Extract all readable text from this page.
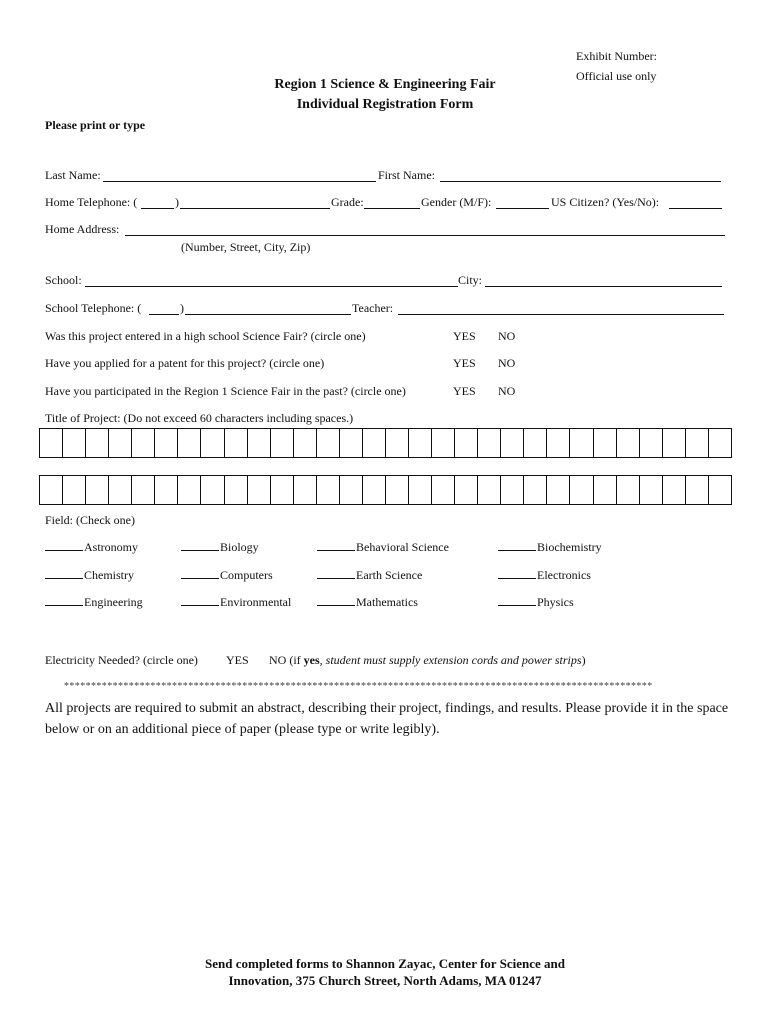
Exhibit Number:
Official use only
Region 1 Science & Engineering Fair
Individual Registration Form
Please print or type
Last Name:	First Name:
Home Telephone: (	)	Grade:	Gender (M/F):	US Citizen? (Yes/No):
Home Address:
(Number, Street, City, Zip)
School:	City:
School Telephone: (	)	Teacher:
Was this project entered in a high school Science Fair? (circle one)	YES NO
Have you applied for a patent for this project? (circle one)	YES NO
Have you participated in the Region 1 Science Fair in the past? (circle one)	YES NO
Title of Project: (Do not exceed 60 characters including spaces.)
Field: (Check one)
Astronomy	Biology	Behavioral Science	Biochemistry
Chemistry	Computers	Earth Science	Electronics
Engineering	Environmental	Mathematics	Physics
Electricity Needed? (circle one) YES NO (if yes, student must supply extension cords and power strips)
*************************************************************************************************************
All projects are required to submit an abstract, describing their project, findings, and results. Please provide it in the space below or on an additional piece of paper (please type or write legibly).
Send completed forms to Shannon Zayac, Center for Science and
Innovation, 375 Church Street, North Adams, MA 01247
